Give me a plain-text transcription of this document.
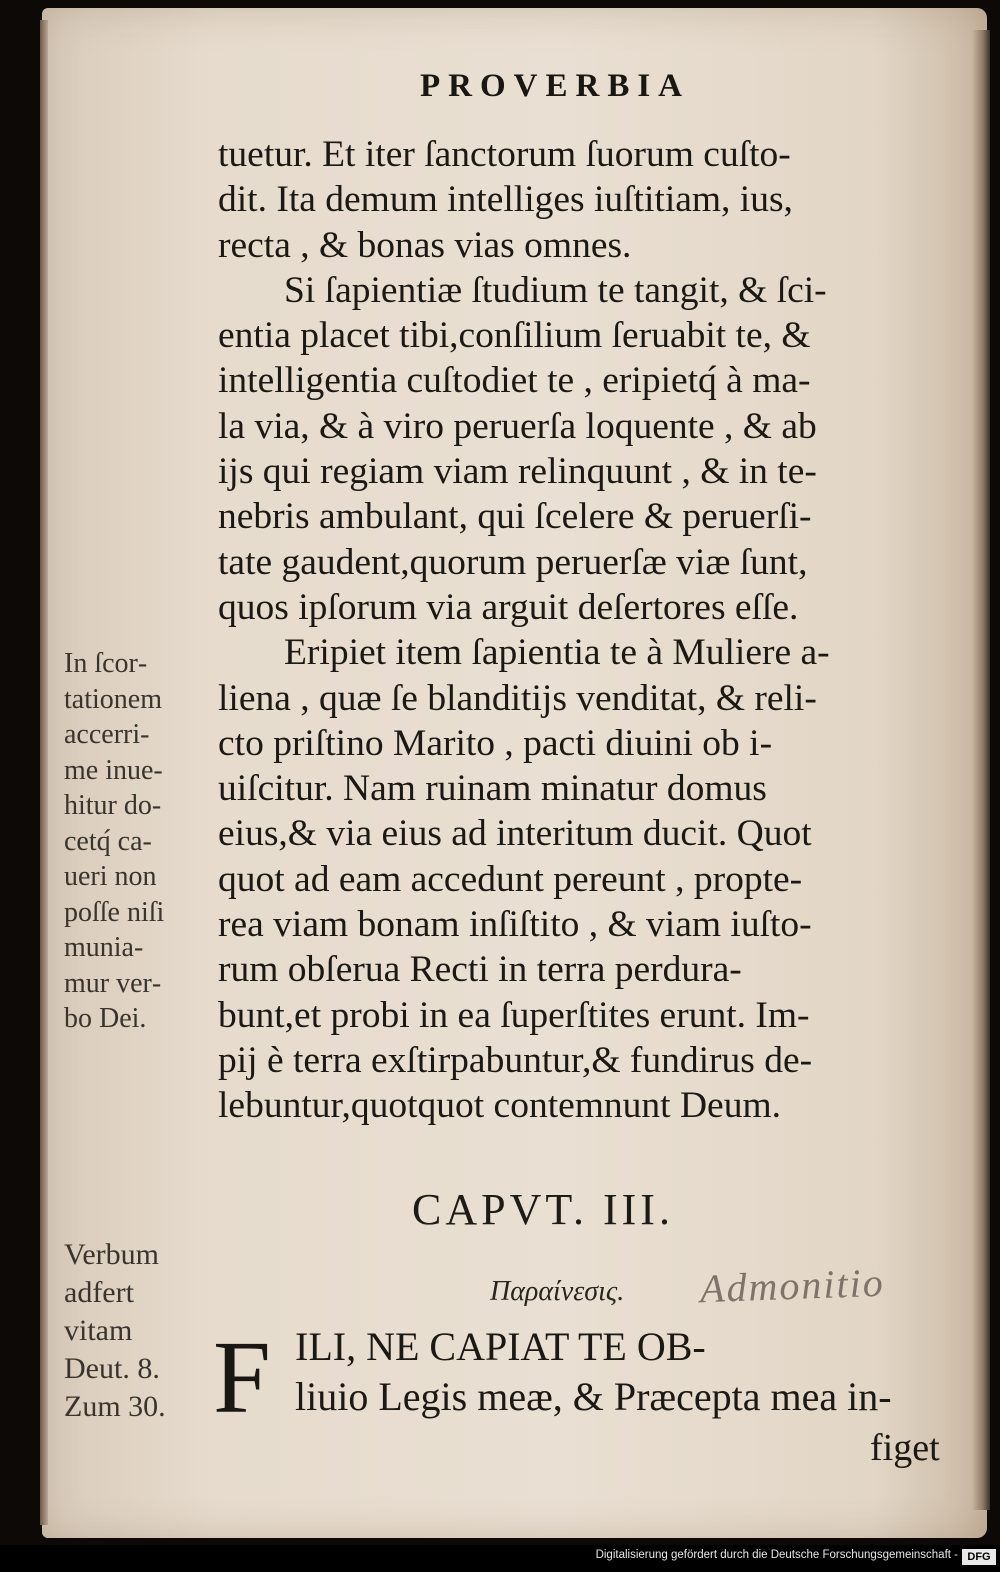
PROVERBIA
tuetur. Et iter ſanctorum ſuorum cuſto‑
dit. Ita demum intelliges iuſtitiam, ius,
recta , & bonas vias omnes.
Si ſapientiæ ſtudium te tangit, & ſci‑
entia placet tibi,conſilium ſeruabit te, &
intelligentia cuſtodiet te , eripietq́ à ma‑
la via, & à viro peruerſa loquente , & ab
ijs qui regiam viam relinquunt , & in te‑
nebris ambulant, qui ſcelere & peruerſi‑
tate gaudent,quorum peruerſæ viæ ſunt,
quos ipſorum via arguit deſertores eſſe.
Eripiet item ſapientia te à Muliere a‑
liena , quæ ſe blanditijs venditat, & reli‑
cto priſtino Marito , pacti diuini ob i‑
uiſcitur. Nam ruinam minatur domus
eius,& via eius ad interitum ducit. Quot
quot ad eam accedunt pereunt , propte‑
rea viam bonam inſiſtito , & viam iuſto‑
rum obſerua Recti in terra perdura‑
bunt,et probi in ea ſuperſtites erunt. Im‑
pij è terra exſtirpabuntur,& fundirus de‑
lebuntur,quotquot contemnunt Deum.
In ſcor‑
tationem
accerri‑
me inue‑
hitur do‑
cetq́ ca‑
ueri non
poſſe niſi
munia‑
mur ver‑
bo Dei.
Verbum
adfert
vitam
Deut. 8.
Zum 30.
CAPVT. III.
Παραίνεσις. Admonitio
F ILI, NE CAPIAT TE OB‑
liuio Legis meæ, & Præcepta mea in‑
figet
Digitalisierung gefördert durch die Deutsche Forschungsgemeinschaft - DFG
